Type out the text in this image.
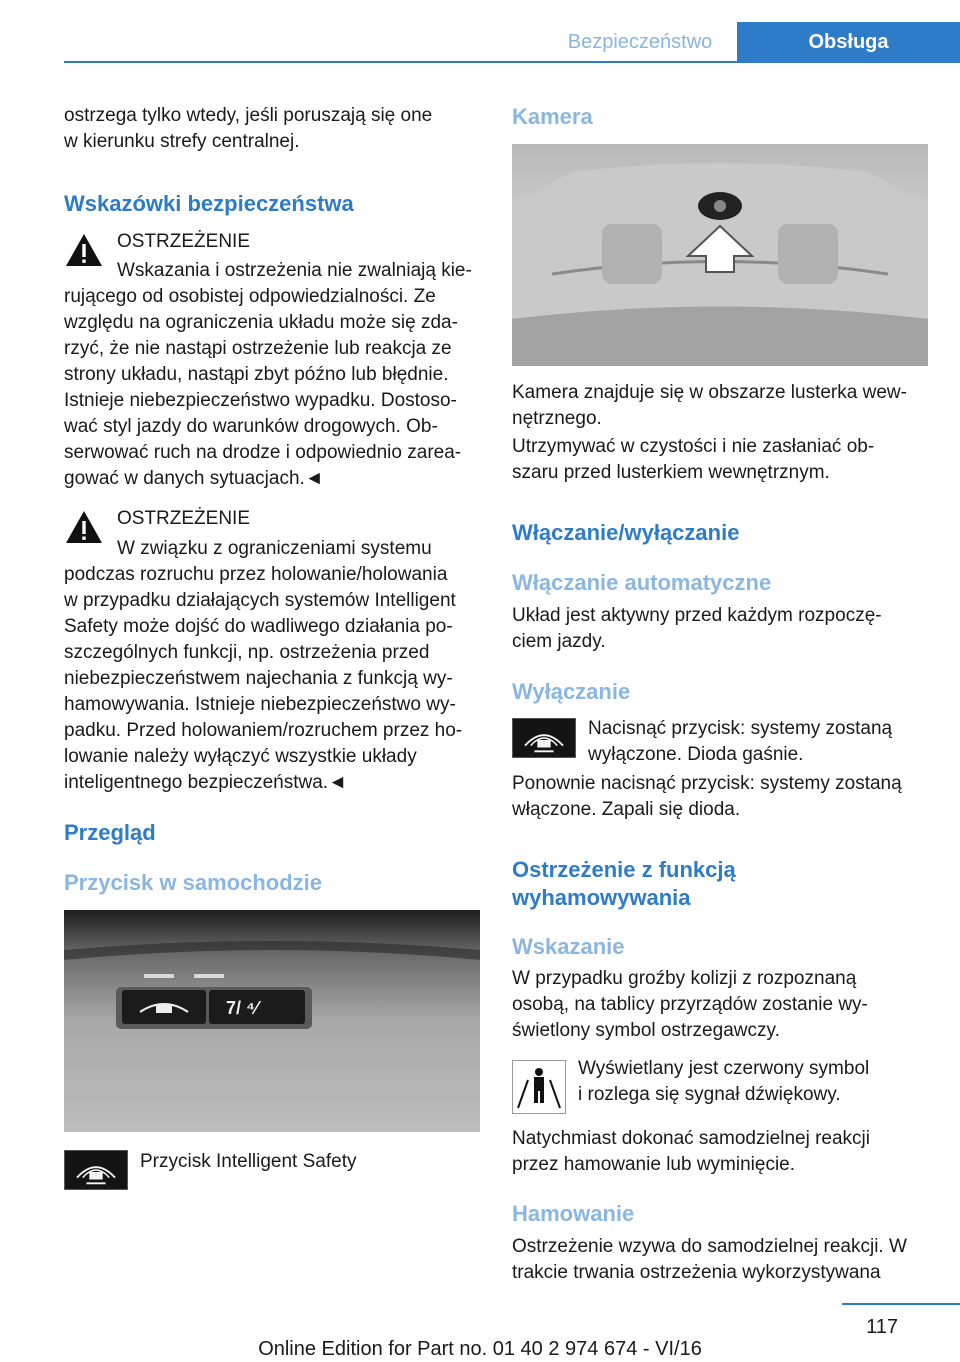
Bezpieczeństwo	Obsługa
ostrzega tylko wtedy, jeśli poruszają się one
w kierunku strefy centralnej.
Wskazówki bezpieczeństwa
OSTRZEŻENIE
Wskazania i ostrzeżenia nie zwalniają kie-
rującego od osobistej odpowiedzialności. Ze
względu na ograniczenia układu może się zda-
rzyć, że nie nastąpi ostrzeżenie lub reakcja ze
strony układu, nastąpi zbyt późno lub błędnie.
Istnieje niebezpieczeństwo wypadku. Dostoso-
wać styl jazdy do warunków drogowych. Ob-
serwować ruch na drodze i odpowiednio zarea-
gować w danych sytuacjach.◄
OSTRZEŻENIE
W związku z ograniczeniami systemu
podczas rozruchu przez holowanie/holowania
w przypadku działających systemów Intelligent
Safety może dojść do wadliwego działania po-
szczególnych funkcji, np. ostrzeżenia przed
niebezpieczeństwem najechania z funkcją wy-
hamowywania. Istnieje niebezpieczeństwo wy-
padku. Przed holowaniem/rozruchem przez ho-
lowanie należy wyłączyć wszystkie układy
inteligentnego bezpieczeństwa.◄
Przegląd
Przycisk w samochodzie
7/ ⁴⁄
Przycisk Intelligent Safety
Kamera
Kamera znajduje się w obszarze lusterka wew-
nętrznego.
Utrzymywać w czystości i nie zasłaniać ob-
szaru przed lusterkiem wewnętrznym.
Włączanie/wyłączanie
Włączanie automatyczne
Układ jest aktywny przed każdym rozpoczę-
ciem jazdy.
Wyłączanie
Nacisnąć przycisk: systemy zostaną
wyłączone. Dioda gaśnie.
Ponownie nacisnąć przycisk: systemy zostaną
włączone. Zapali się dioda.
Ostrzeżenie z funkcją
wyhamowywania
Wskazanie
W przypadku groźby kolizji z rozpoznaną
osobą, na tablicy przyrządów zostanie wy-
świetlony symbol ostrzegawczy.
Wyświetlany jest czerwony symbol
i rozlega się sygnał dźwiękowy.
Natychmiast dokonać samodzielnej reakcji
przez hamowanie lub wyminięcie.
Hamowanie
Ostrzeżenie wzywa do samodzielnej reakcji. W
trakcie trwania ostrzeżenia wykorzystywana
117
Online Edition for Part no. 01 40 2 974 674 - VI/16
